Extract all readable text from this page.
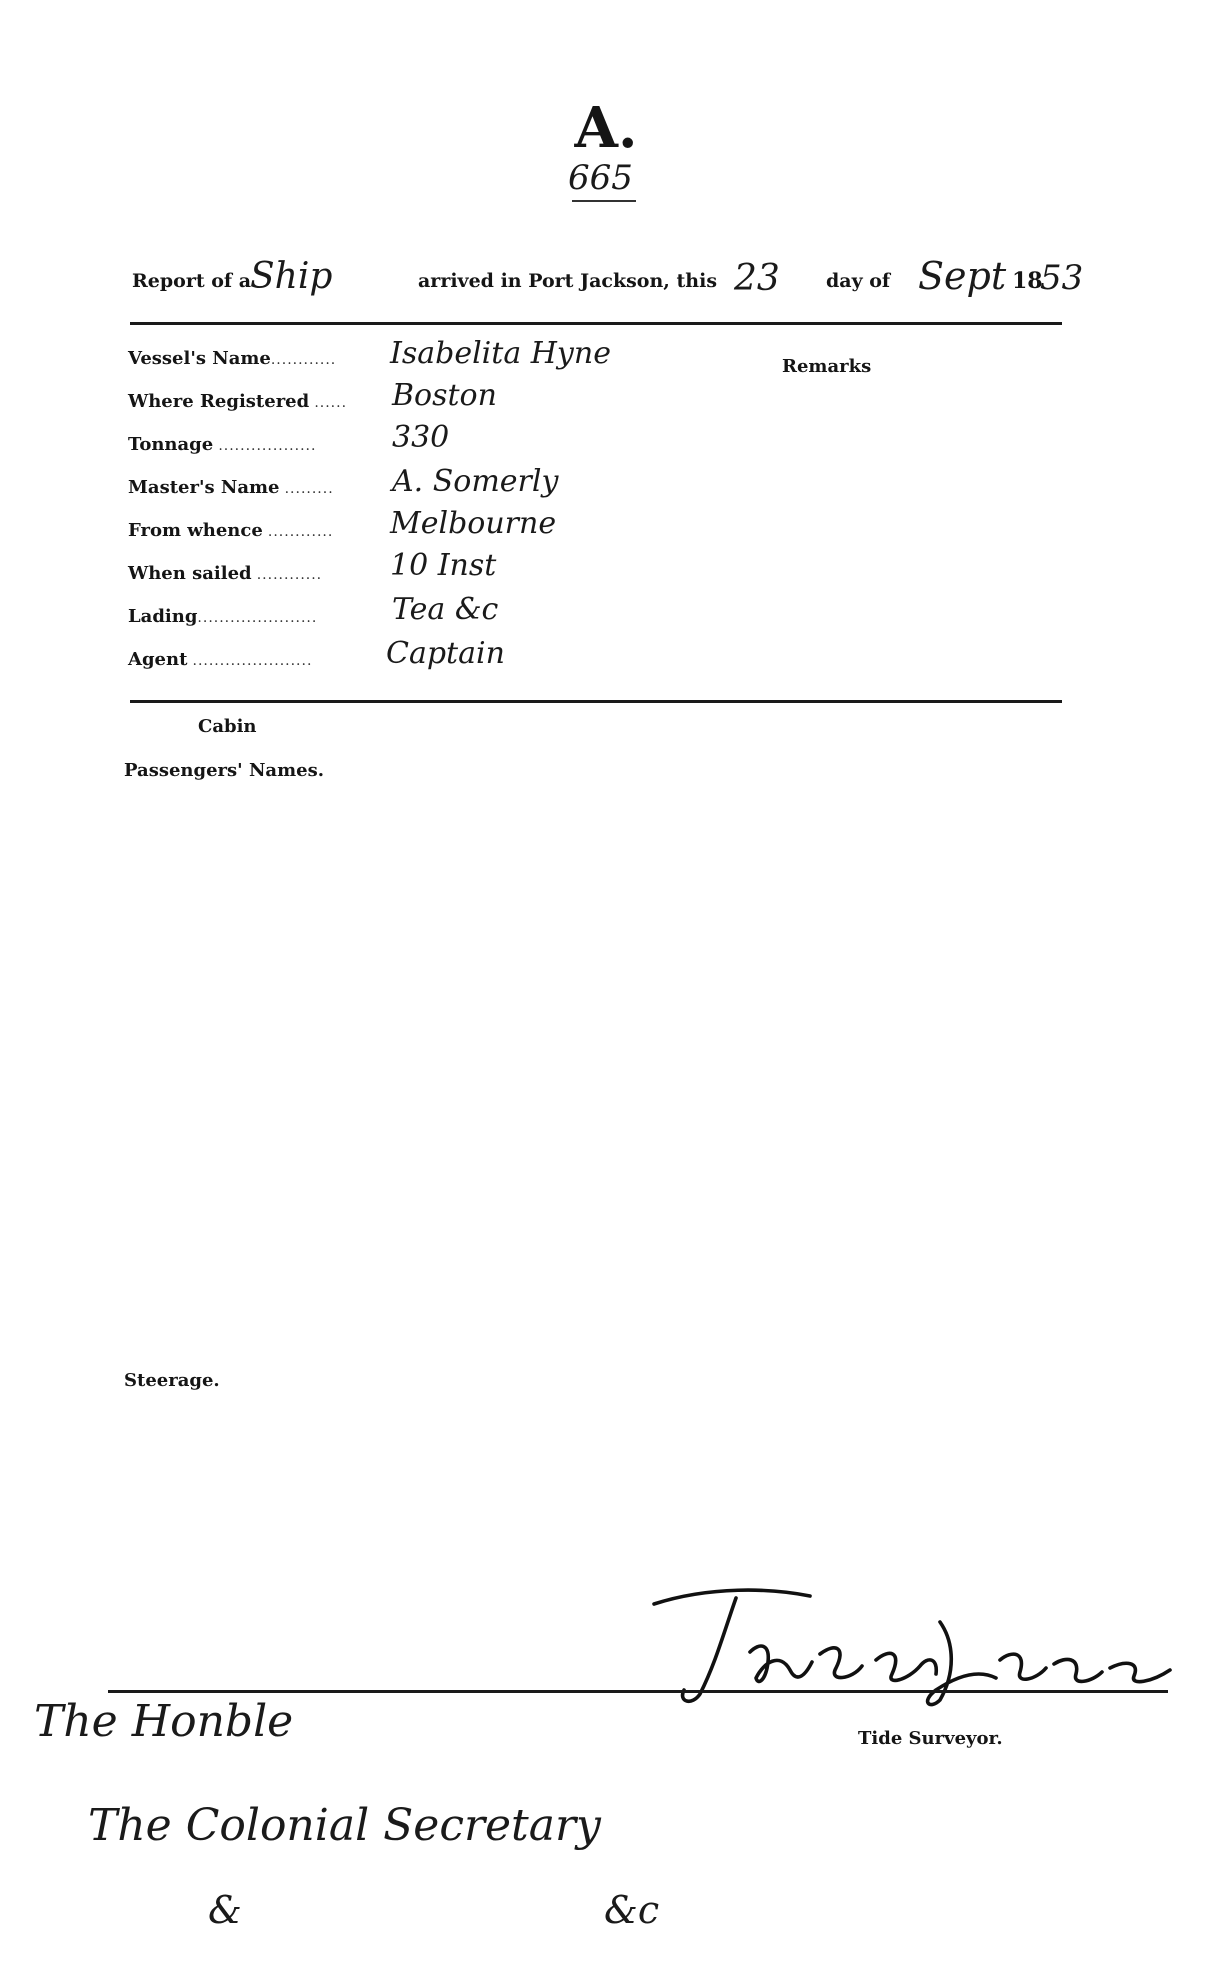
A.
665
Report of a
Ship	arrived in Port Jackson, this 23 day of Sept 18
53
Remarks
Vessel's Name............ Isabelita Hyne
Where Registered ...... Boston
Tonnage ..................	330
Master's Name ......... A. Somerly
From whence ............ Melbourne
When sailed ............ 10 Inst
Lading...................... Tea &c
Agent ...................... Captain
Cabin
Passengers' Names.
Steerage.
Tide Surveyor.
The Honble
The Colonial Secretary
&	&c
